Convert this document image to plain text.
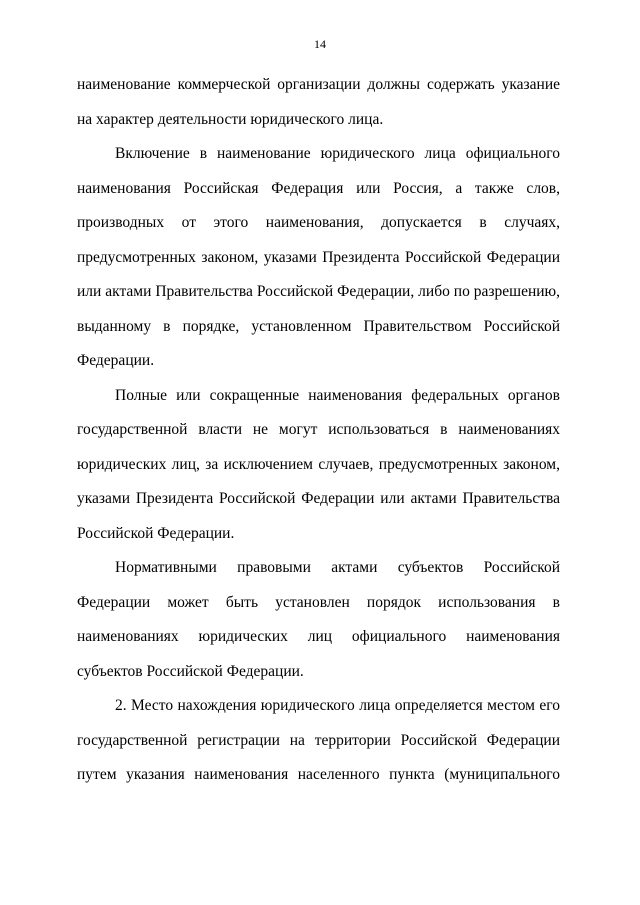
14

наименование коммерческой организации должны содержать указание на характер деятельности юридического лица.

Включение в наименование юридического лица официального наименования Российская Федерация или Россия, а также слов, производных от этого наименования, допускается в случаях, предусмотренных законом, указами Президента Российской Федерации или актами Правительства Российской Федерации, либо по разрешению, выданному в порядке, установленном Правительством Российской Федерации.

Полные или сокращенные наименования федеральных органов государственной власти не могут использоваться в наименованиях юридических лиц, за исключением случаев, предусмотренных законом, указами Президента Российской Федерации или актами Правительства Российской Федерации.

Нормативными правовыми актами субъектов Российской Федерации может быть установлен порядок использования в наименованиях юридических лиц официального наименования субъектов Российской Федерации.

2. Место нахождения юридического лица определяется местом его государственной регистрации на территории Российской Федерации путем указания наименования населенного пункта (муниципального
